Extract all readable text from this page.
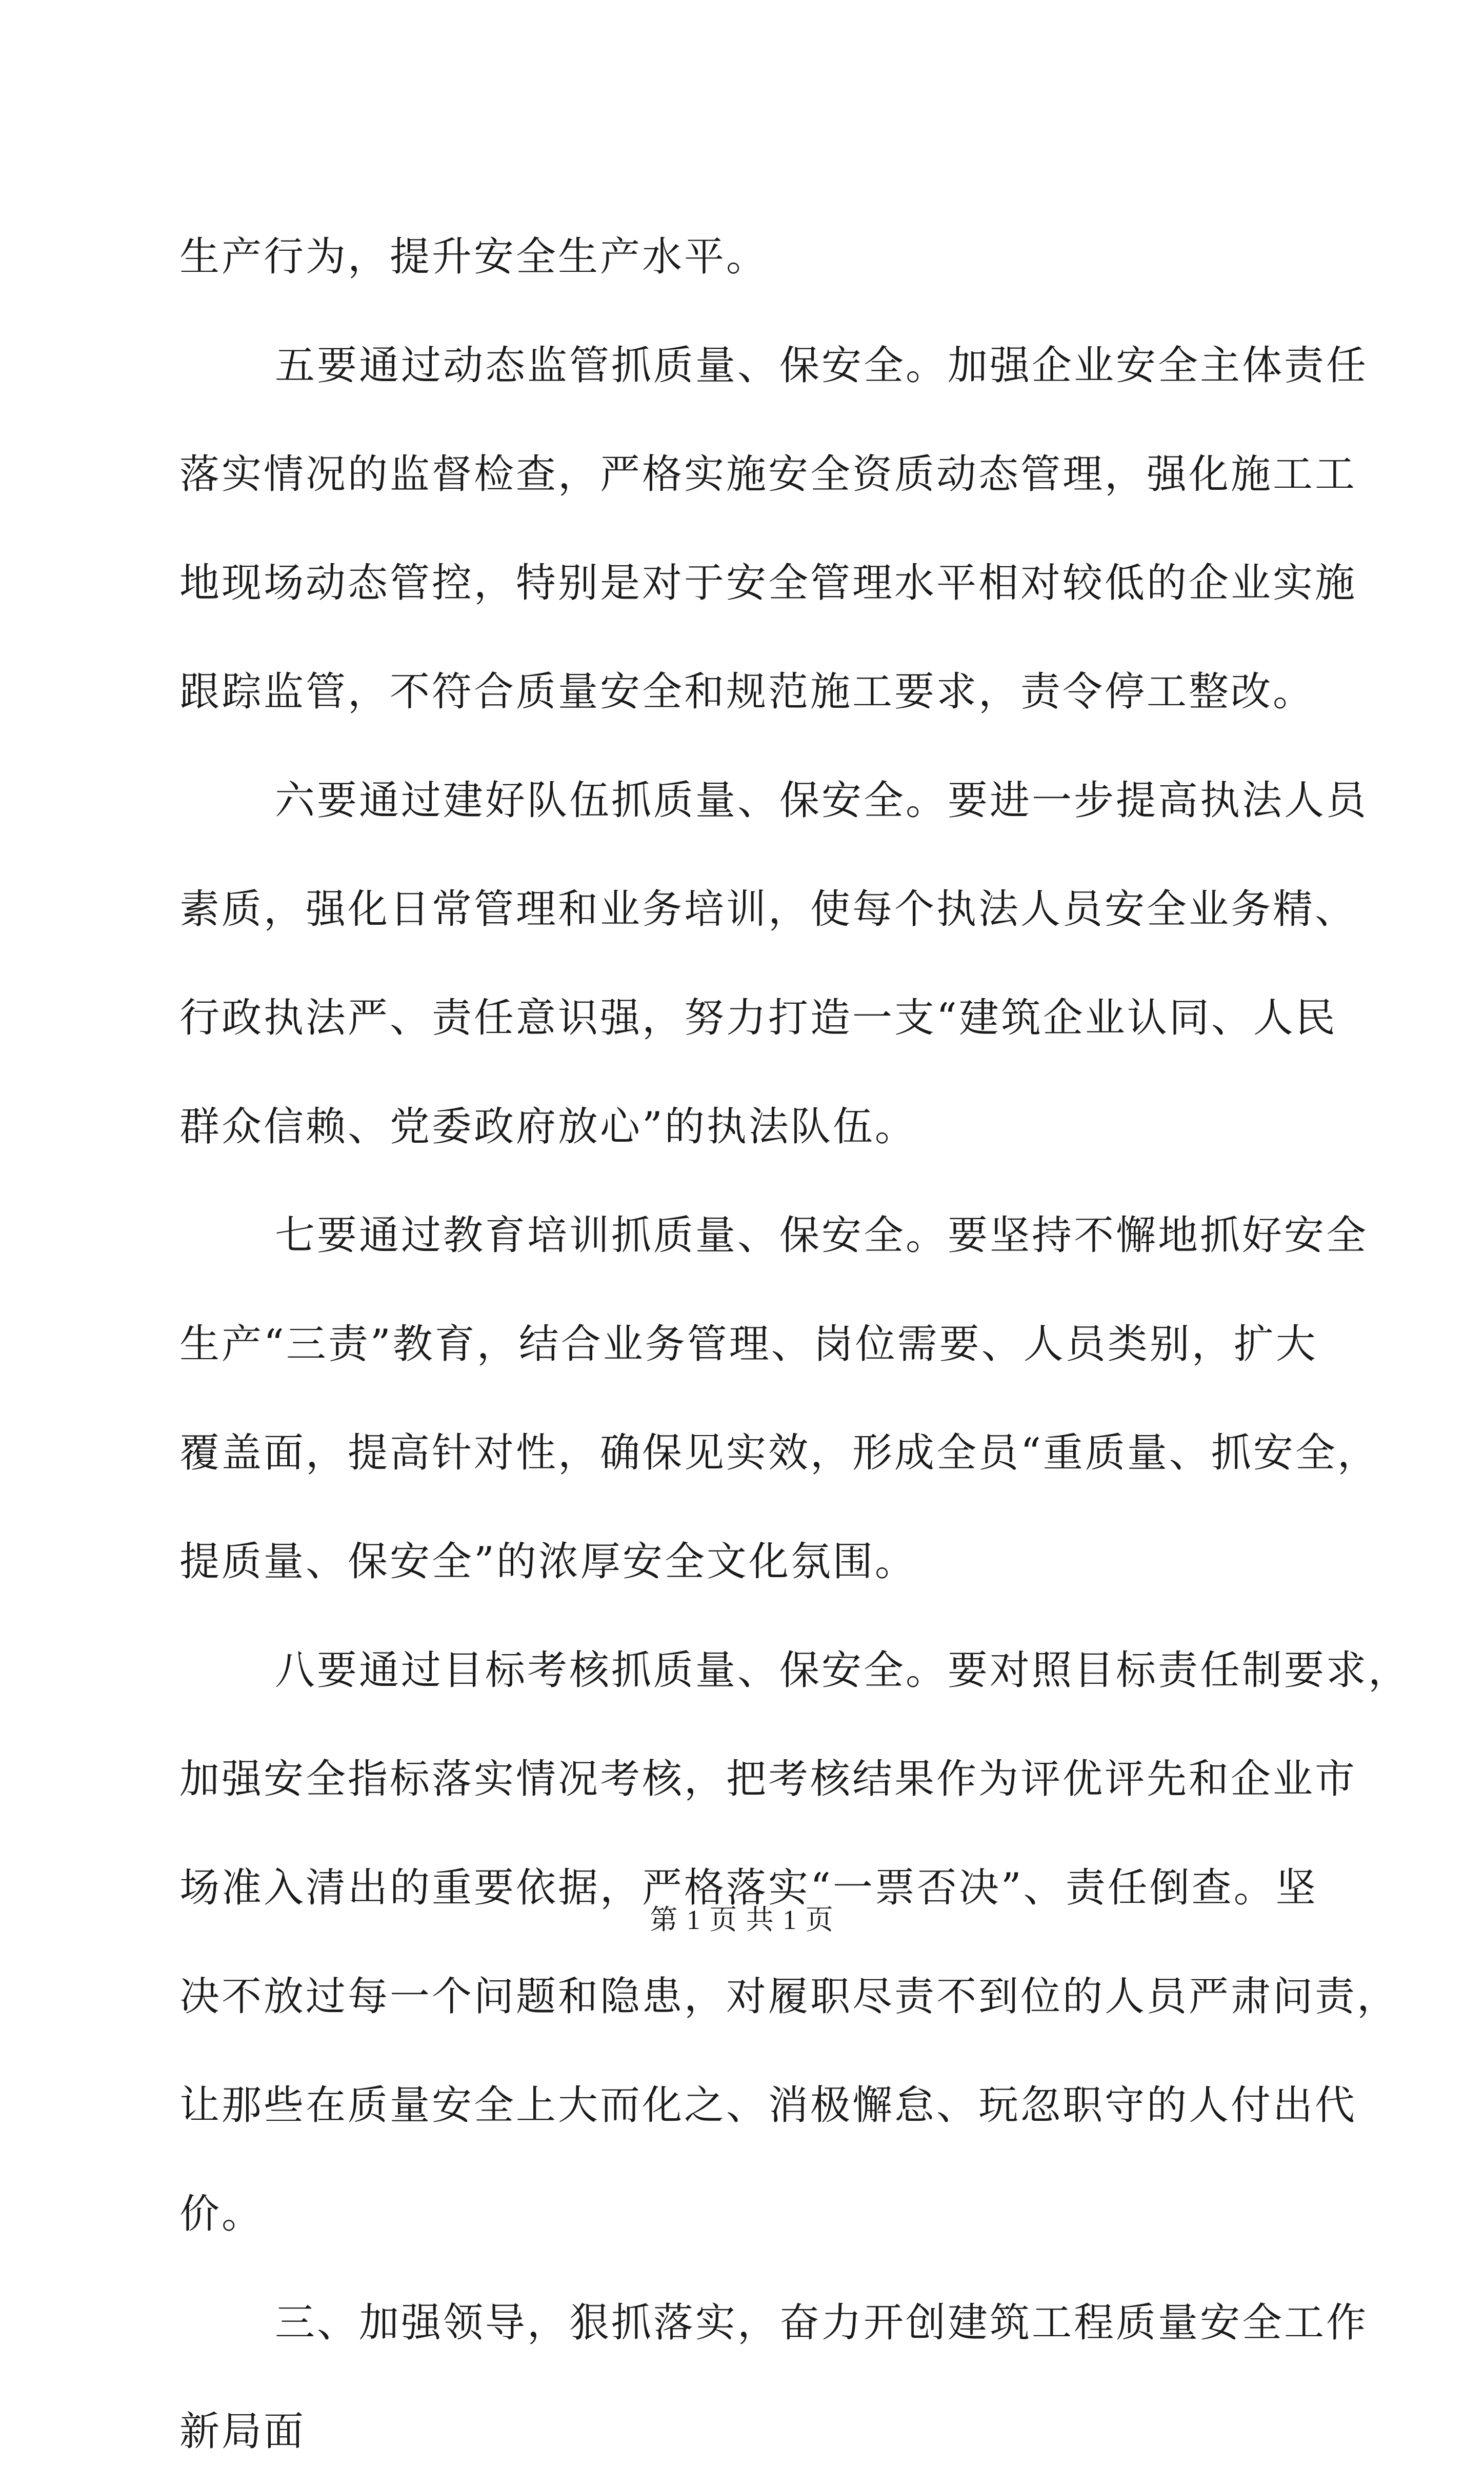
生产行为，提升安全生产水平。
五要通过动态监管抓质量、保安全。加强企业安全主体责任
落实情况的监督检查，严格实施安全资质动态管理，强化施工工
地现场动态管控，特别是对于安全管理水平相对较低的企业实施
跟踪监管，不符合质量安全和规范施工要求，责令停工整改。
六要通过建好队伍抓质量、保安全。要进一步提高执法人员
素质，强化日常管理和业务培训，使每个执法人员安全业务精、
行政执法严、责任意识强，努力打造一支“建筑企业认同、人民
群众信赖、党委政府放心”的执法队伍。
七要通过教育培训抓质量、保安全。要坚持不懈地抓好安全
生产“三责”教育，结合业务管理、岗位需要、人员类别，扩大
覆盖面，提高针对性，确保见实效，形成全员“重质量、抓安全，
提质量、保安全”的浓厚安全文化氛围。
八要通过目标考核抓质量、保安全。要对照目标责任制要求，
加强安全指标落实情况考核，把考核结果作为评优评先和企业市
场准入清出的重要依据，严格落实“一票否决”、责任倒查。坚
决不放过每一个问题和隐患，对履职尽责不到位的人员严肃问责，
让那些在质量安全上大而化之、消极懈怠、玩忽职守的人付出代
价。
三、加强领导，狠抓落实，奋力开创建筑工程质量安全工作
新局面
第 1 页 共 1 页
